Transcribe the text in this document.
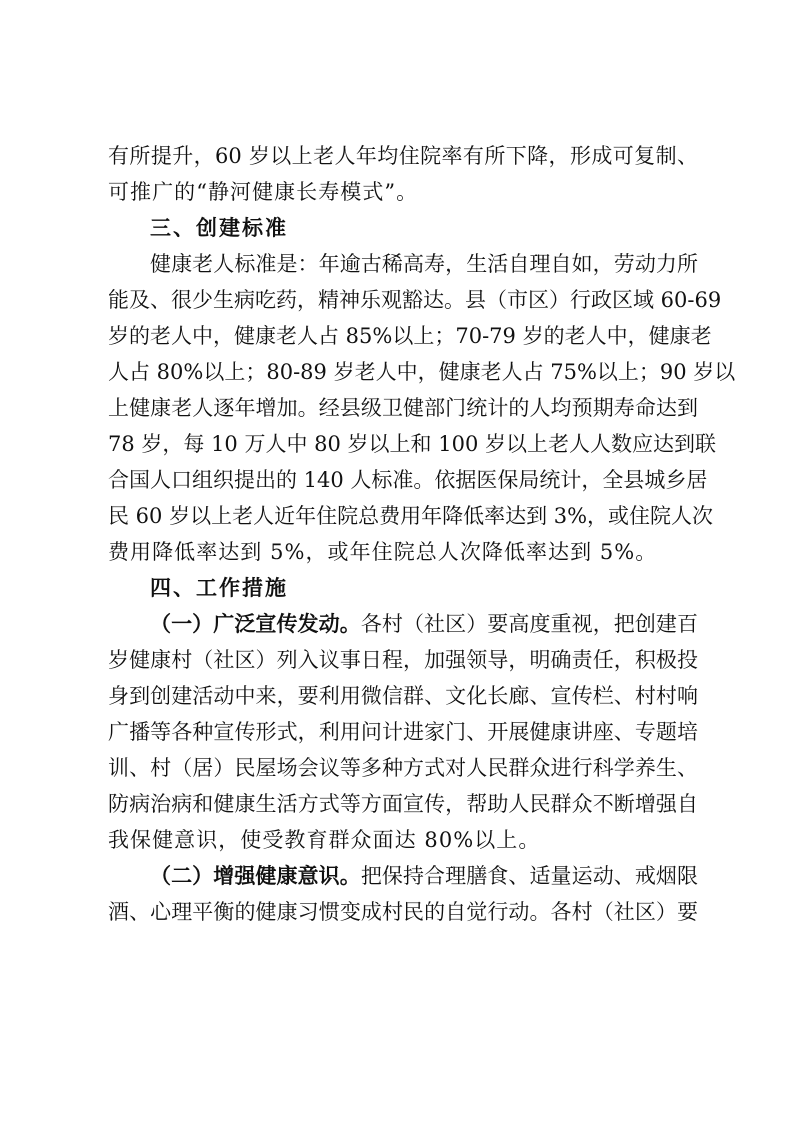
有所提升，60 岁以上老人年均住院率有所下降，形成可复制、
可推广的“静河健康长寿模式”。
三、创建标准
健康老人标准是：年逾古稀高寿，生活自理自如，劳动力所
能及、很少生病吃药，精神乐观豁达。县（市区）行政区域 60-69
岁的老人中，健康老人占 85%以上；70-79 岁的老人中，健康老
人占 80%以上；80-89 岁老人中，健康老人占 75%以上；90 岁以
上健康老人逐年增加。经县级卫健部门统计的人均预期寿命达到
78 岁，每 10 万人中 80 岁以上和 100 岁以上老人人数应达到联
合国人口组织提出的 140 人标准。依据医保局统计，全县城乡居
民 60 岁以上老人近年住院总费用年降低率达到 3%，或住院人次
费用降低率达到 5%，或年住院总人次降低率达到 5%。
四、工作措施
（一）广泛宣传发动。各村（社区）要高度重视，把创建百
岁健康村（社区）列入议事日程，加强领导，明确责任，积极投
身到创建活动中来，要利用微信群、文化长廊、宣传栏、村村响
广播等各种宣传形式，利用问计进家门、开展健康讲座、专题培
训、村（居）民屋场会议等多种方式对人民群众进行科学养生、
防病治病和健康生活方式等方面宣传，帮助人民群众不断增强自
我保健意识，使受教育群众面达 80%以上。
（二）增强健康意识。把保持合理膳食、适量运动、戒烟限
酒、心理平衡的健康习惯变成村民的自觉行动。各村（社区）要
